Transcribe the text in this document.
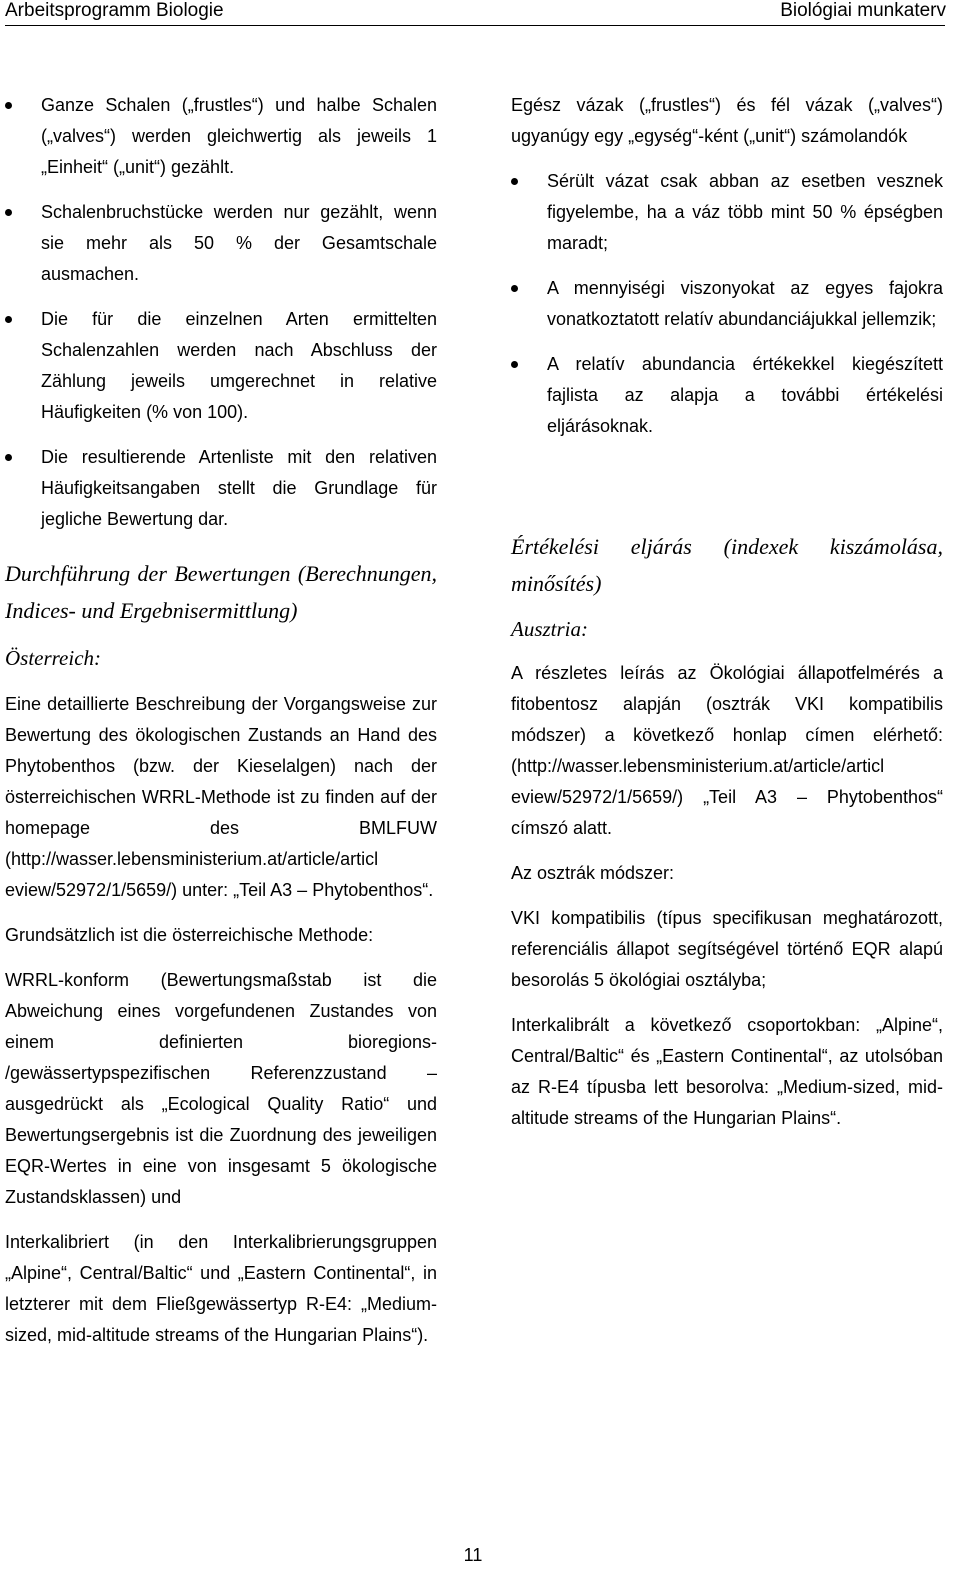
Arbeitsprogramm Biologie	Biológiai munkaterv
Ganze Schalen („frustles“) und halbe Schalen („valves“) werden gleichwertig als jeweils 1 „Einheit“ („unit“) gezählt.
Schalenbruchstücke werden nur gezählt, wenn sie mehr als 50 % der Gesamtschale ausmachen.
Die für die einzelnen Arten ermittelten Schalenzahlen werden nach Abschluss der Zählung jeweils umgerechnet in relative Häufigkeiten (% von 100).
Die resultierende Artenliste mit den relativen Häufigkeitsangaben stellt die Grundlage für jegliche Bewertung dar.

Durchführung der Bewertungen (Berechnungen, Indices- und Ergebnisermittlung)

Österreich:

Eine detaillierte Beschreibung der Vorgangsweise zur Bewertung des ökologischen Zustands an Hand des Phytobenthos (bzw. der Kieselalgen) nach der österreichischen WRRL-Methode ist zu finden auf der homepage des BMLFUW (http://wasser.lebensministerium.at/article/articl eview/52972/1/5659/) unter: „Teil A3 – Phytobenthos“.

Grundsätzlich ist die österreichische Methode:

WRRL-konform (Bewertungsmaßstab ist die Abweichung eines vorgefundenen Zustandes von einem definierten bioregions- /gewässertypspezifischen Referenzzustand – ausgedrückt als „Ecological Quality Ratio“ und Bewertungsergebnis ist die Zuordnung des jeweiligen EQR-Wertes in eine von insgesamt 5 ökologische Zustandsklassen) und

Interkalibriert (in den Interkalibrierungsgruppen „Alpine“, Central/Baltic“ und „Eastern Continental“, in letzterer mit dem Fließgewässertyp R-E4: „Medium-sized, mid-altitude streams of the Hungarian Plains“).

Egész vázak („frustles“) és fél vázak („valves“) ugyanúgy egy „egység“-ként („unit“) számolandók

Sérült vázat csak abban az esetben vesznek figyelembe, ha a váz több mint 50 % épségben maradt;
A mennyiségi viszonyokat az egyes fajokra vonatkoztatott relatív abundanciájukkal jellemzik;
A relatív abundancia értékekkel kiegészített fajlista az alapja a további értékelési eljárásoknak.

Értékelési eljárás (indexek kiszámolása, minősítés)

Ausztria:

A részletes leírás az Ökológiai állapotfelmérés a fitobentosz alapján (osztrák VKI kompatibilis módszer) a következő honlap címen elérhető: (http://wasser.lebensministerium.at/article/articl eview/52972/1/5659/) „Teil A3 – Phytobenthos“ címszó alatt.

Az osztrák módszer:

VKI kompatibilis (típus specifikusan meghatározott, referenciális állapot segítségével történő EQR alapú besorolás 5 ökológiai osztályba;

Interkalibrált a következő csoportokban: „Alpine“, Central/Baltic“ és „Eastern Continental“, az utolsóban az R-E4 típusba lett besorolva: „Medium-sized, mid-altitude streams of the Hungarian Plains“.

11
